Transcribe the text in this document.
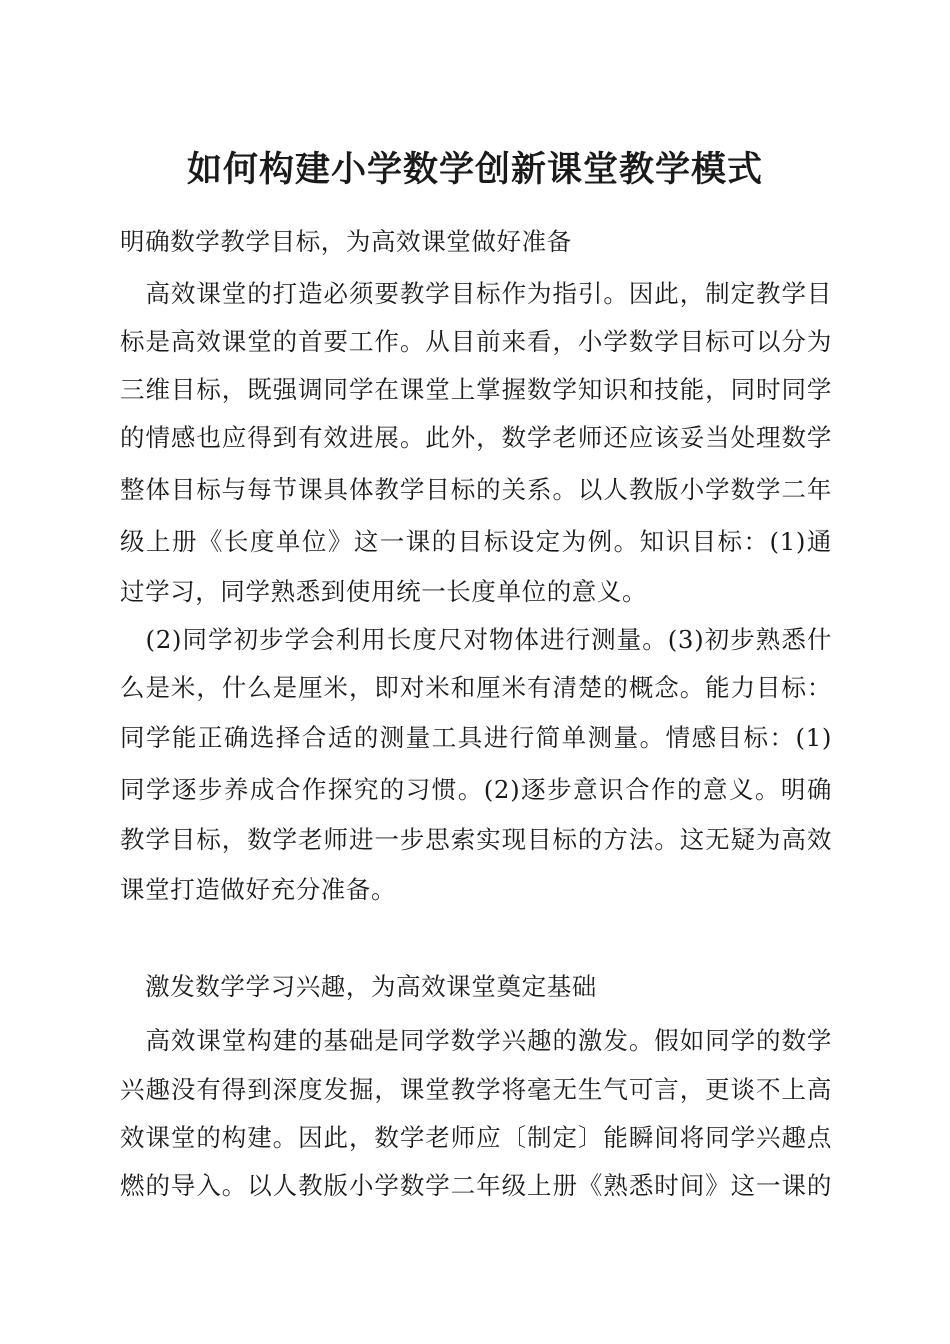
如何构建小学数学创新课堂教学模式
明确数学教学目标，为高效课堂做好准备
　高效课堂的打造必须要教学目标作为指引。因此，制定教学目
标是高效课堂的首要工作。从目前来看，小学数学目标可以分为
三维目标，既强调同学在课堂上掌握数学知识和技能，同时同学
的情感也应得到有效进展。此外，数学老师还应该妥当处理数学
整体目标与每节课具体教学目标的关系。以人教版小学数学二年
级上册《长度单位》这一课的目标设定为例。知识目标：(1)通
过学习，同学熟悉到使用统一长度单位的意义。
　(2)同学初步学会利用长度尺对物体进行测量。(3)初步熟悉什
么是米，什么是厘米，即对米和厘米有清楚的概念。能力目标：
同学能正确选择合适的测量工具进行简单测量。情感目标：(1)
同学逐步养成合作探究的习惯。(2)逐步意识合作的意义。明确
教学目标，数学老师进一步思索实现目标的方法。这无疑为高效
课堂打造做好充分准备。
　激发数学学习兴趣，为高效课堂奠定基础
　高效课堂构建的基础是同学数学兴趣的激发。假如同学的数学
兴趣没有得到深度发掘，课堂教学将毫无生气可言，更谈不上高
效课堂的构建。因此，数学老师应〔制定〕能瞬间将同学兴趣点
燃的导入。以人教版小学数学二年级上册《熟悉时间》这一课的
